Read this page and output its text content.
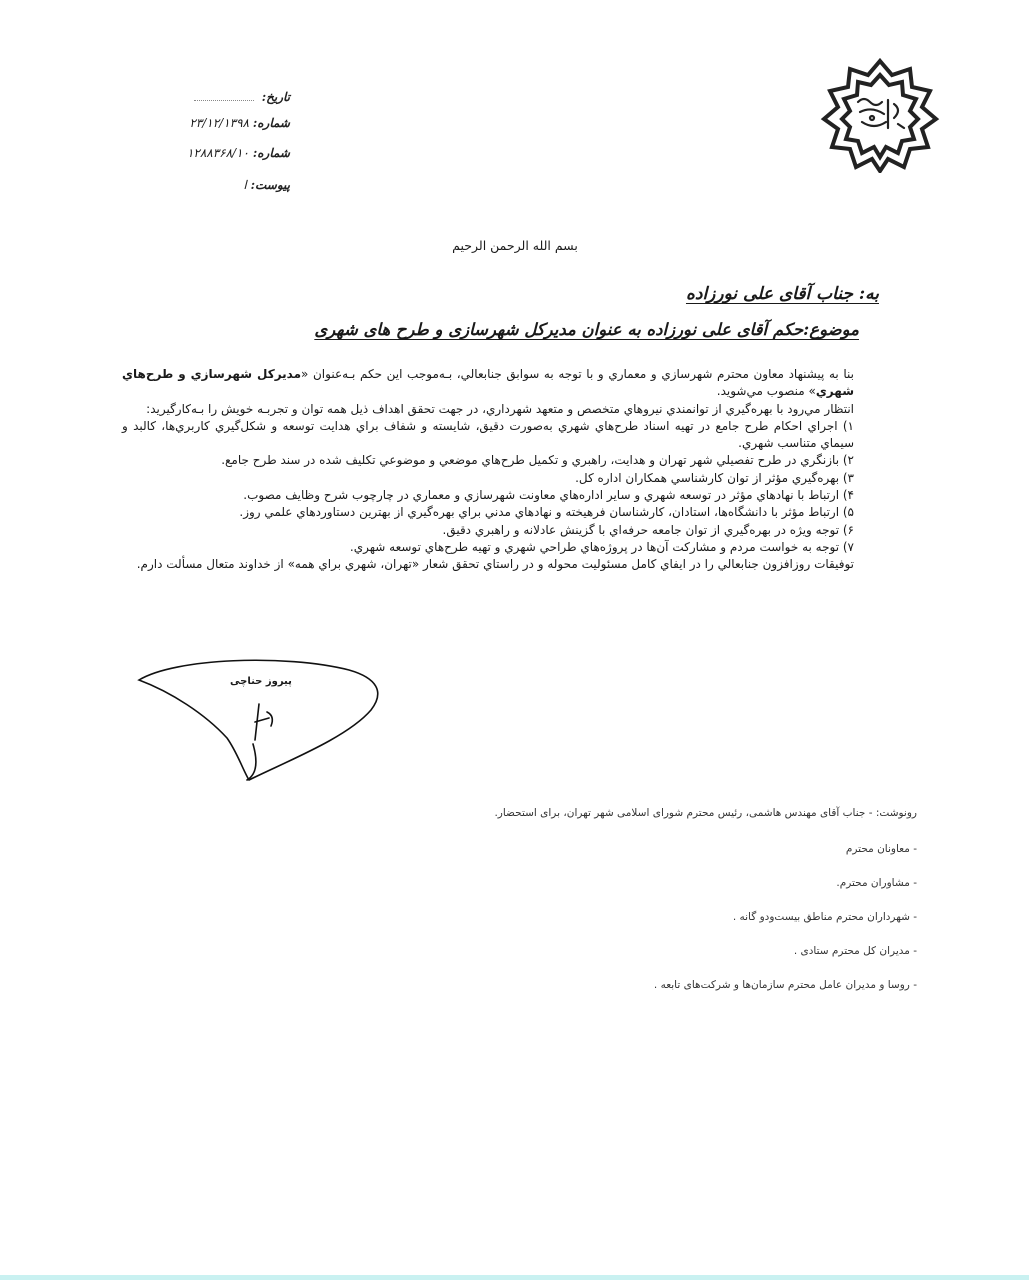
تاریخ:
شماره: ۲۳/۱۲/۱۳۹۸
شماره: ۱۲۸۸۳۶۸/۱۰
پیوست: ا
بسم الله الرحمن الرحیم
به: جناب آقای علی نورزاده
موضوع:حکم آقای علی نورزاده به عنوان مدیرکل شهرسازی و طرح های شهری

بنا به پیشنهاد معاون محترم شهرسازي و معماري و با توجه به سوابق جنابعالي، بـه‌موجب اين حکم بـه‌عنوان «مديرکل شهرسازي و طرح‌هاي شهري» منصوب مي‌شويد.

انتظار مي‌رود با بهره‌گيري از توانمندي نيروهاي متخصص و متعهد شهرداري، در جهت تحقق اهداف ذيل همه توان و تجربـه خويش را بـه‌کارگيريد:

۱) اجراي احکام طرح جامع در تهيه اسناد طرح‌هاي شهري به‌صورت دقيق، شايسته و شفاف براي هدايت توسعه و شکل‌گيري کاربري‌ها، کالبد و سيماي متناسب شهري.

۲) بازنگري در طرح تفصيلي شهر تهران و هدايت، راهبري و تکميل طرح‌هاي موضعي و موضوعي تکليف شده در سند طرح جامع.

۳) بهره‌گيري مؤثر از توان کارشناسي همکاران اداره کل.

۴) ارتباط با نهادهاي مؤثر در توسعه شهري و ساير اداره‌هاي معاونت شهرسازي و معماري در چارچوب شرح وظايف مصوب.

۵) ارتباط مؤثر با دانشگاه‌ها، استادان، کارشناسان فرهيخته و نهادهاي مدني براي بهره‌گيري از بهترين دستاوردهاي علمي روز.

۶) توجه ويژه در بهره‌گيري از توان جامعه حرفه‌اي با گزينش عادلانه و راهبري دقيق.

۷) توجه به خواست مردم و مشارکت آن‌ها در پروژه‌هاي طراحي شهري و تهيه طرح‌هاي توسعه شهري.

توفيقات روزافزون جنابعالي را در ايفاي کامل مسئوليت محوله و در راستاي تحقق شعار «تهران، شهري براي همه» از خداوند متعال مسألت دارم.

پیروز حناچی
رونوشت: - جناب آقای مهندس هاشمی، رئیس محترم شورای اسلامی شهر تهران، برای استحضار.
- معاونان محترم
- مشاوران محترم.
- شهرداران محترم مناطق بیست‌ودو گانه .
- مدیران کل محترم ستادی .
- روسا و مدیران عامل محترم سازمان‌ها و شرکت‌های تابعه .
